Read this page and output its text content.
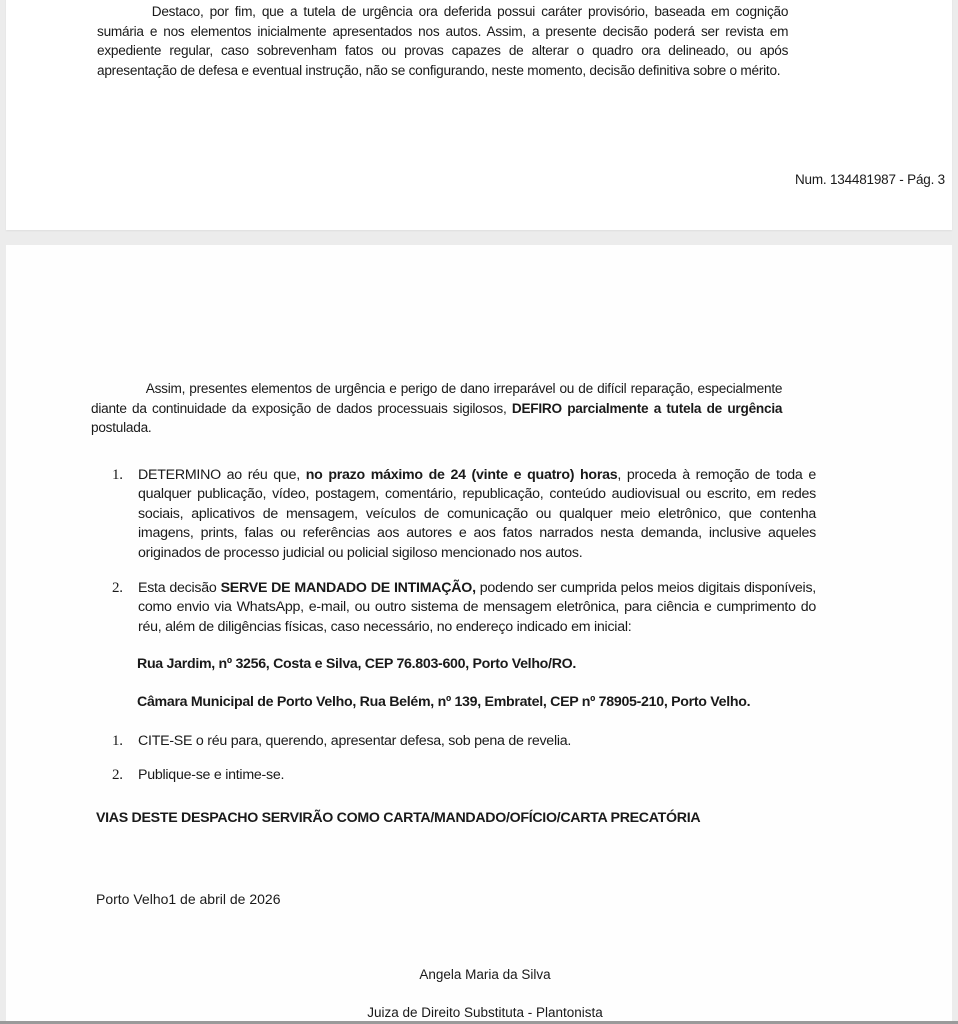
Destaco, por fim, que a tutela de urgência ora deferida possui caráter provisório, baseada em cognição sumária e nos elementos inicialmente apresentados nos autos. Assim, a presente decisão poderá ser revista em expediente regular, caso sobrevenham fatos ou provas capazes de alterar o quadro ora delineado, ou após apresentação de defesa e eventual instrução, não se configurando, neste momento, decisão definitiva sobre o mérito.
Num. 134481987 - Pág. 3
Assim, presentes elementos de urgência e perigo de dano irreparável ou de difícil reparação, especialmente diante da continuidade da exposição de dados processuais sigilosos, DEFIRO parcialmente a tutela de urgência postulada.
1.	DETERMINO ao réu que, no prazo máximo de 24 (vinte e quatro) horas, proceda à remoção de toda e qualquer publicação, vídeo, postagem, comentário, republicação, conteúdo audiovisual ou escrito, em redes sociais, aplicativos de mensagem, veículos de comunicação ou qualquer meio eletrônico, que contenha imagens, prints, falas ou referências aos autores e aos fatos narrados nesta demanda, inclusive aqueles originados de processo judicial ou policial sigiloso mencionado nos autos.
2.	Esta decisão SERVE DE MANDADO DE INTIMAÇÃO, podendo ser cumprida pelos meios digitais disponíveis, como envio via WhatsApp, e-mail, ou outro sistema de mensagem eletrônica, para ciência e cumprimento do réu, além de diligências físicas, caso necessário, no endereço indicado em inicial:
Rua Jardim, nº 3256, Costa e Silva, CEP 76.803-600, Porto Velho/RO.
Câmara Municipal de Porto Velho, Rua Belém, nº 139, Embratel, CEP nº 78905-210, Porto Velho.
1.	CITE-SE o réu para, querendo, apresentar defesa, sob pena de revelia.
2.	Publique-se e intime-se.
VIAS DESTE DESPACHO SERVIRÃO COMO CARTA/MANDADO/OFÍCIO/CARTA PRECATÓRIA
Porto Velho1 de abril de 2026
Angela Maria da Silva
Juiza de Direito Substituta - Plantonista
